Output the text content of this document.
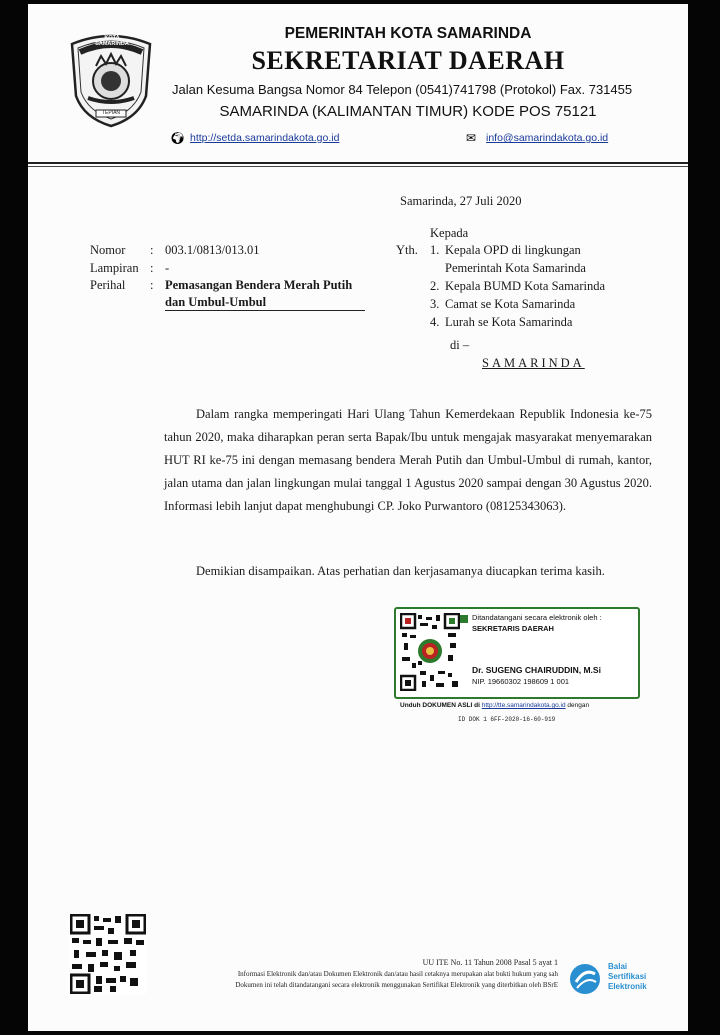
KOTA SAMARINDA
TEPIAN
PEMERINTAH KOTA SAMARINDA
SEKRETARIAT DAERAH
Jalan Kesuma Bangsa Nomor 84 Telepon (0541)741798 (Protokol) Fax. 731455
SAMARINDA (KALIMANTAN TIMUR) KODE POS 75121
🌍︎ http://setda.samarindakota.go.id	✉ info@samarindakota.go.id
Samarinda, 27 Juli 2020
Kepada
Yth. 1. Kepala OPD di lingkungan
Pemerintah Kota Samarinda
2. Kepala BUMD Kota Samarinda
3. Camat se Kota Samarinda
4. Lurah se Kota Samarinda
di –
SAMARINDA
Nomor : 003.1/0813/013.01
Lampiran : -
Perihal : Pemasangan Bendera Merah Putih
dan Umbul-Umbul
Dalam rangka memperingati Hari Ulang Tahun Kemerdekaan Republik Indonesia ke-75 tahun 2020, maka diharapkan peran serta Bapak/Ibu untuk mengajak masyarakat menyemarakan HUT RI ke-75 ini dengan memasang bendera Merah Putih dan Umbul-Umbul di rumah, kantor, jalan utama dan jalan lingkungan mulai tanggal 1 Agustus 2020 sampai dengan 30 Agustus 2020. Informasi lebih lanjut dapat menghubungi CP. Joko Purwantoro (08125343063).
Demikian disampaikan. Atas perhatian dan kerjasamanya diucapkan terima kasih.
Ditandatangani secara elektronik oleh :
SEKRETARIS DAERAH
Dr. SUGENG CHAIRUDDIN, M.Si
NIP. 19660302 198609 1 001
Unduh DOKUMEN ASLI di http://tte.samarindakota.go.id dengan
ID DOK 1 6FF-2020-16-60-919
UU ITE No. 11 Tahun 2008 Pasal 5 ayat 1
Informasi Elektronik dan/atau Dokumen Elektronik dan/atau hasil cetaknya merupakan alat bukti hukum yang sah
Dokumen ini telah ditandatangani secara elektronik menggunakan Sertifikat Elektronik yang diterbitkan oleh BSrE
Balai
Sertifikasi
Elektronik
